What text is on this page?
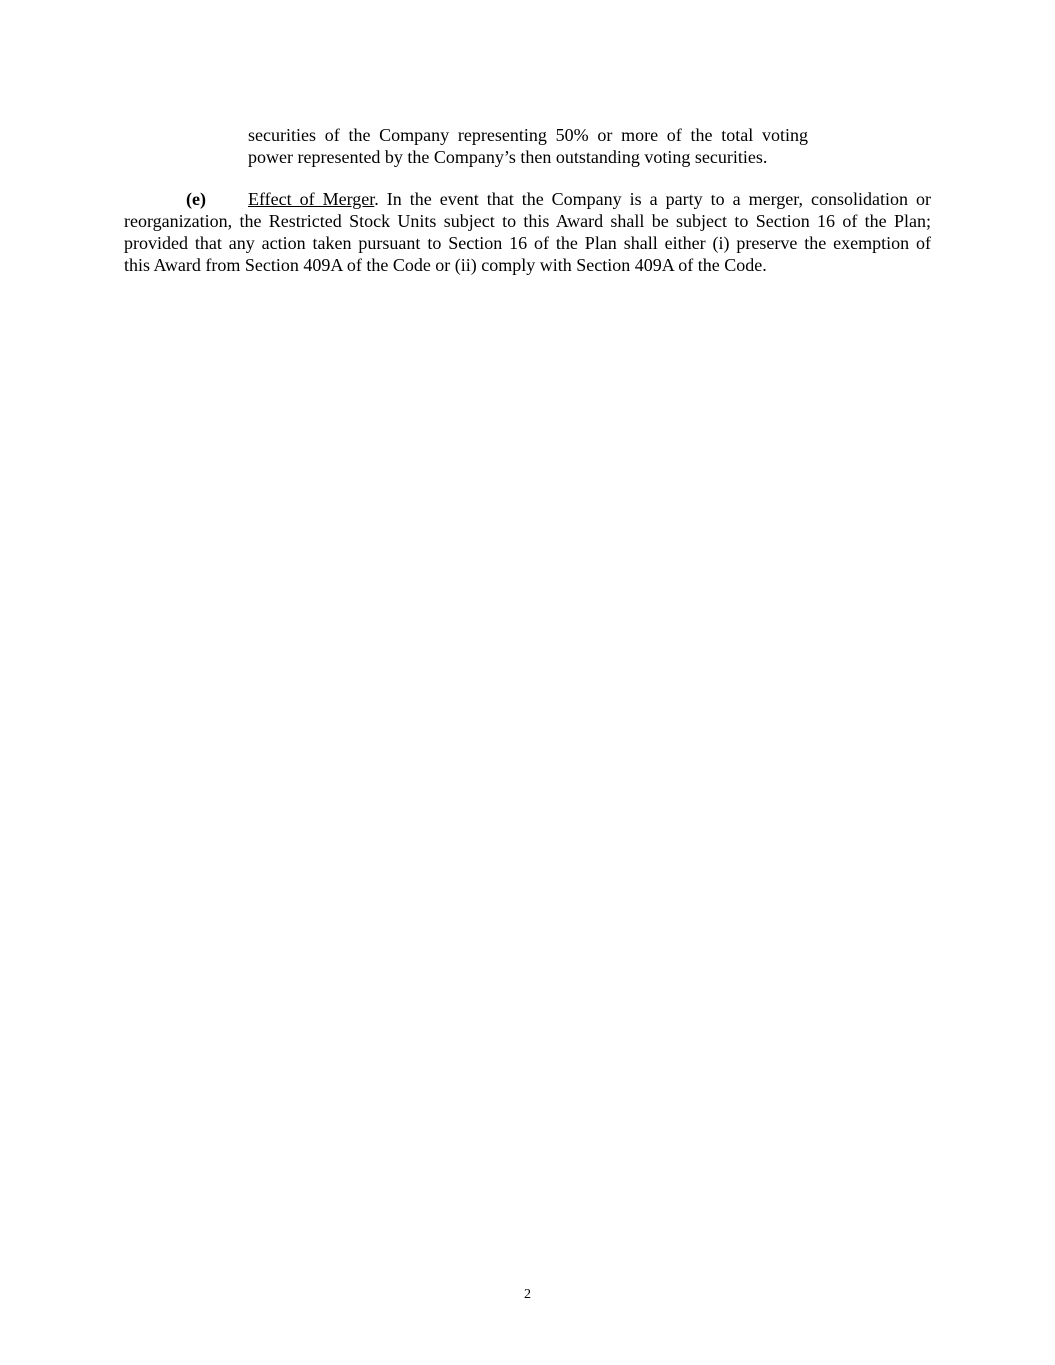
securities of the Company representing 50% or more of the total voting
power represented by the Company’s then outstanding voting securities.
(e) Effect of Merger. In the event that the Company is a party to a merger, consolidation or
reorganization, the Restricted Stock Units subject to this Award shall be subject to Section 16 of the Plan;
provided that any action taken pursuant to Section 16 of the Plan shall either (i) preserve the exemption of
this Award from Section 409A of the Code or (ii) comply with Section 409A of the Code.
2
